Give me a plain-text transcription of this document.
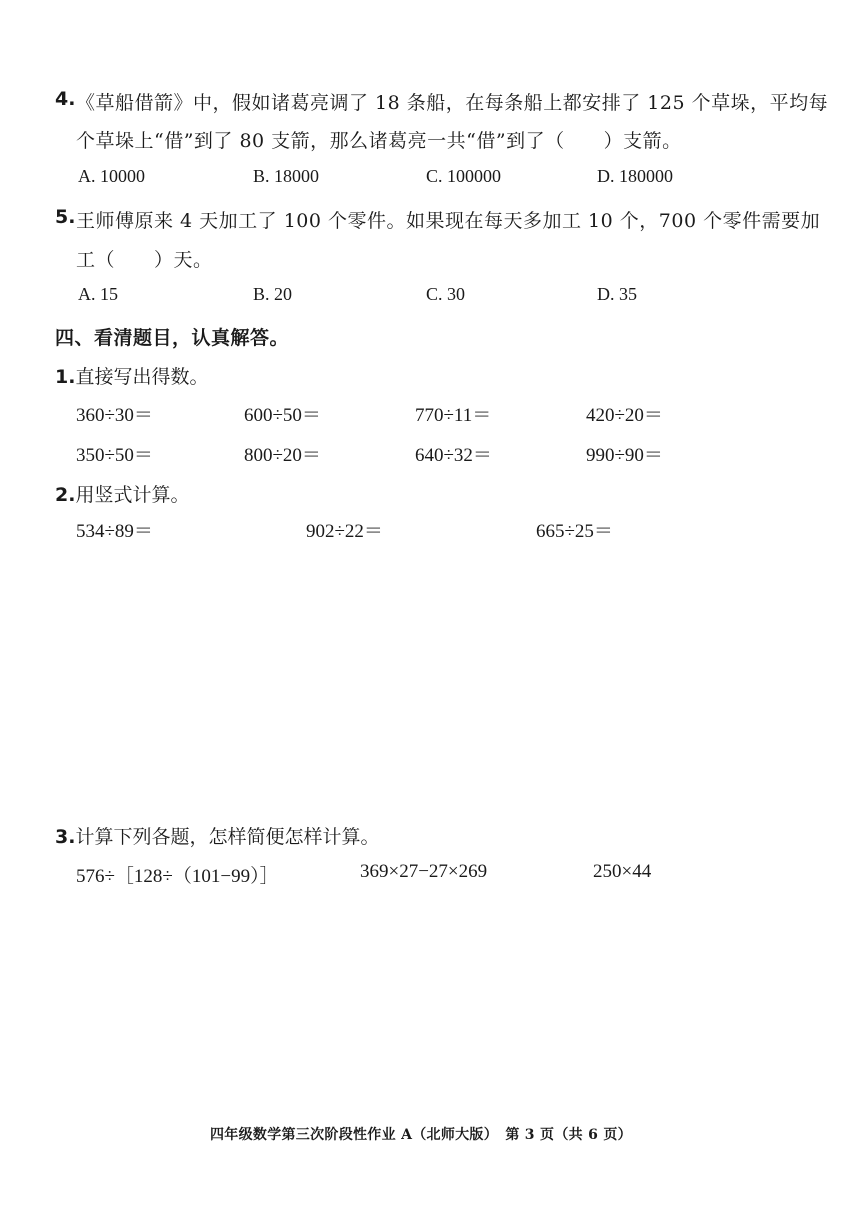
4. 《草船借箭》中，假如诸葛亮调了 18 条船，在每条船上都安排了 125 个草垛，平均每
个草垛上“借”到了 80 支箭，那么诸葛亮一共“借”到了（　　）支箭。
A. 10000	B. 18000	C. 100000	D. 180000
5. 王师傅原来 4 天加工了 100 个零件。如果现在每天多加工 10 个，700 个零件需要加
工（　　）天。
A. 15	B. 20	C. 30	D. 35
四、看清题目，认真解答。
1.直接写出得数。
360÷30＝	600÷50＝	770÷11＝	420÷20＝
350÷50＝	800÷20＝	640÷32＝	990÷90＝
2.用竖式计算。
534÷89＝	902÷22＝	665÷25＝
3.计算下列各题，怎样简便怎样计算。
576÷［128÷（101−99）］	369×27−27×269	250×44
四年级数学第三次阶段性作业 A（北师大版）　第 3 页（共 6 页）
